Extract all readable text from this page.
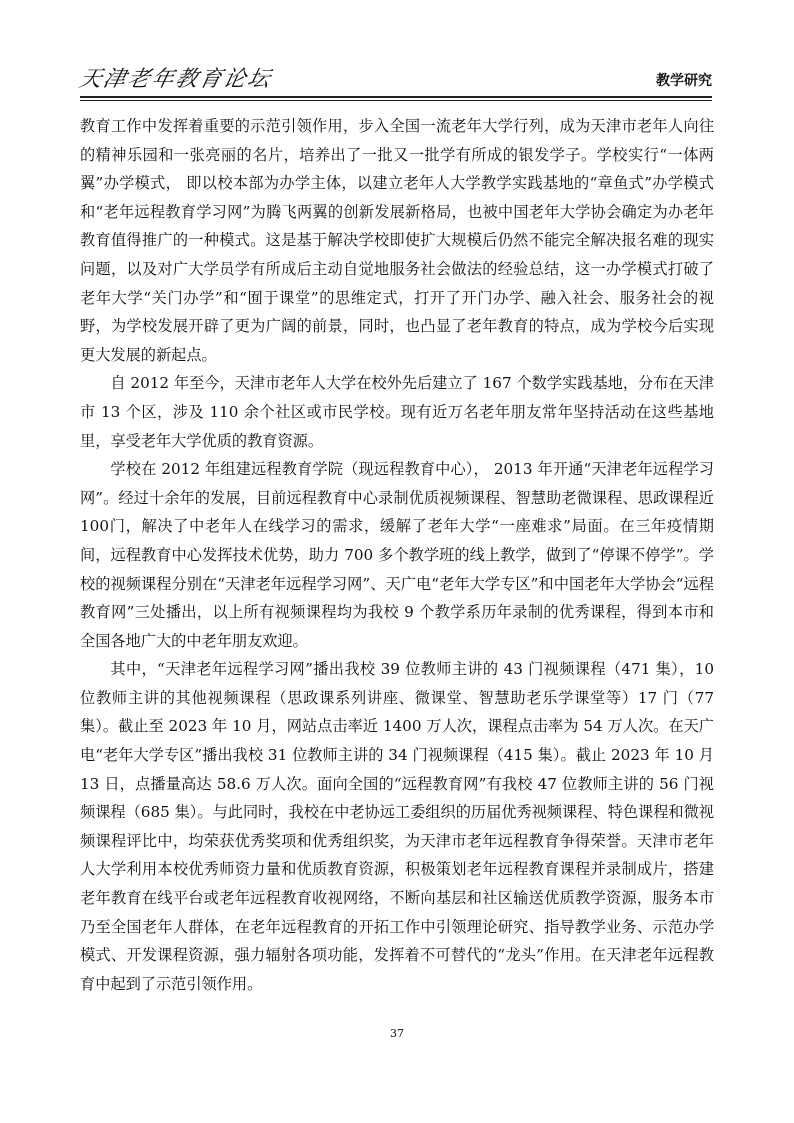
天津老年教育论坛	教学研究

教育工作中发挥着重要的示范引领作用，步入全国一流老年大学行列，成为天津市老年人向往的精神乐园和一张亮丽的名片，培养出了一批又一批学有所成的银发学子。学校实行“一体两翼”办学模式， 即以校本部为办学主体，以建立老年人大学教学实践基地的“章鱼式”办学模式和“老年远程教育学习网”为腾飞两翼的创新发展新格局，也被中国老年大学协会确定为办老年教育值得推广的一种模式。这是基于解决学校即使扩大规模后仍然不能完全解决报名难的现实问题，以及对广大学员学有所成后主动自觉地服务社会做法的经验总结，这一办学模式打破了老年大学“关门办学”和“囿于课堂”的思维定式，打开了开门办学、融入社会、服务社会的视野，为学校发展开辟了更为广阔的前景，同时，也凸显了老年教育的特点，成为学校今后实现更大发展的新起点。

自 2012 年至今，天津市老年人大学在校外先后建立了 167 个数学实践基地，分布在天津市 13 个区，涉及 110 余个社区或市民学校。现有近万名老年朋友常年坚持活动在这些基地里，享受老年大学优质的教育资源。

学校在 2012 年组建远程教育学院（现远程教育中心）， 2013 年开通“天津老年远程学习网”。经过十余年的发展，目前远程教育中心录制优质视频课程、智慧助老微课程、思政课程近 100门，解决了中老年人在线学习的需求，缓解了老年大学“一座难求”局面。在三年疫情期间，远程教育中心发挥技术优势，助力 700 多个教学班的线上教学，做到了“停课不停学”。学校的视频课程分别在“天津老年远程学习网”、天广电“老年大学专区”和中国老年大学协会“远程教育网”三处播出，以上所有视频课程均为我校 9 个教学系历年录制的优秀课程，得到本市和全国各地广大的中老年朋友欢迎。

其中，“天津老年远程学习网”播出我校 39 位教师主讲的 43 门视频课程（471 集），10 位教师主讲的其他视频课程（思政课系列讲座、微课堂、智慧助老乐学课堂等）17 门（77 集）。截止至 2023 年 10 月，网站点击率近 1400 万人次，课程点击率为 54 万人次。在天广电“老年大学专区”播出我校 31 位教师主讲的 34 门视频课程（415 集）。截止 2023 年 10 月 13 日，点播量高达 58.6 万人次。面向全国的“远程教育网”有我校 47 位教师主讲的 56 门视频课程（685 集）。与此同时，我校在中老协远工委组织的历届优秀视频课程、特色课程和微视频课程评比中，均荣获优秀奖项和优秀组织奖，为天津市老年远程教育争得荣誉。天津市老年人大学利用本校优秀师资力量和优质教育资源，积极策划老年远程教育课程并录制成片，搭建老年教育在线平台或老年远程教育收视网络，不断向基层和社区输送优质教学资源，服务本市乃至全国老年人群体，在老年远程教育的开拓工作中引领理论研究、指导教学业务、示范办学模式、开发课程资源，强力辐射各项功能，发挥着不可替代的“龙头”作用。在天津老年远程教育中起到了示范引领作用。

37
